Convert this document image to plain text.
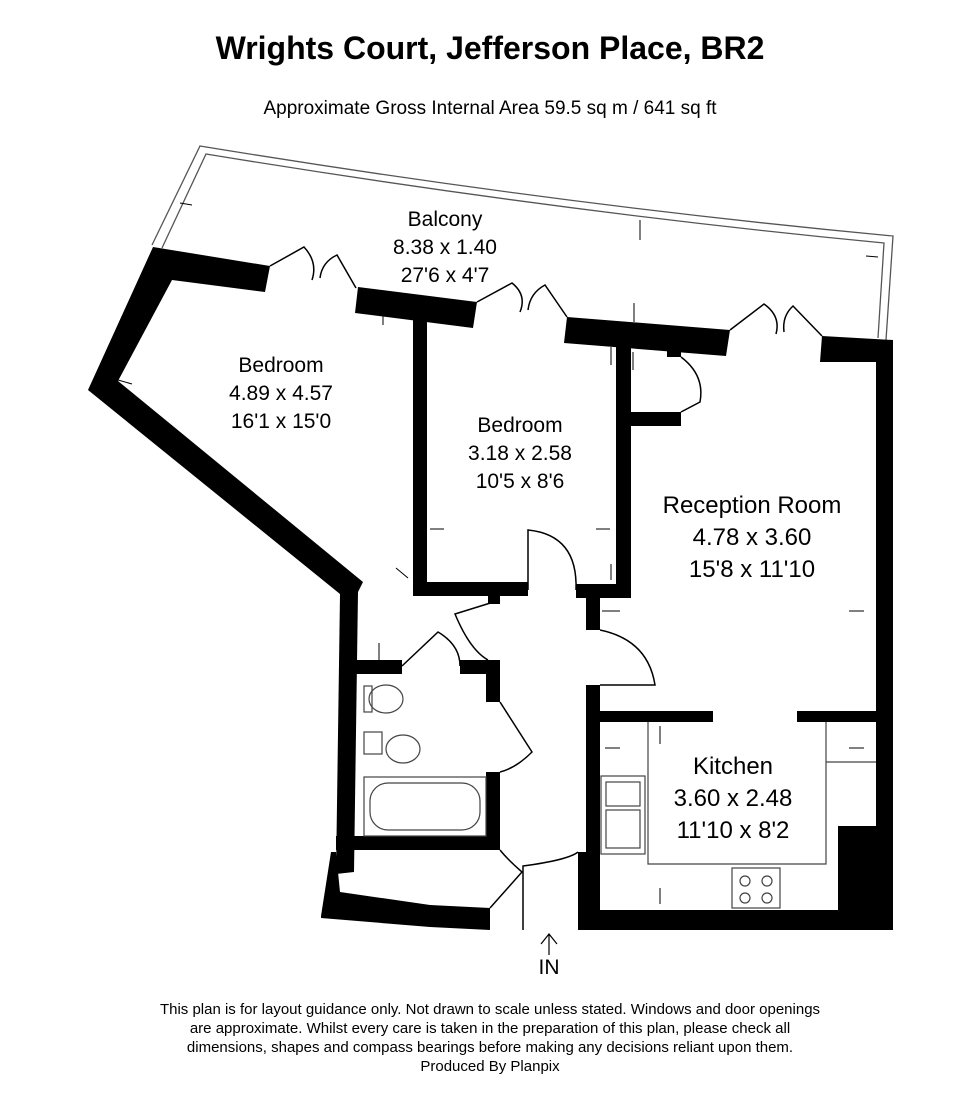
Wrights Court, Jefferson Place, BR2
Approximate Gross Internal Area 59.5 sq m / 641 sq ft
Balcony
8.38 x 1.40
27'6 x 4'7
Bedroom
4.89 x 4.57
16'1 x 15'0	Bedroom
3.18 x 2.58
10'5 x 8'6
Reception Room
4.78 x 3.60
15'8 x 11'10
Kitchen
3.60 x 2.48
11'10 x 8'2
IN
This plan is for layout guidance only. Not drawn to scale unless stated. Windows and door openings
are approximate. Whilst every care is taken in the preparation of this plan, please check all
dimensions, shapes and compass bearings before making any decisions reliant upon them.
Produced By Planpix
